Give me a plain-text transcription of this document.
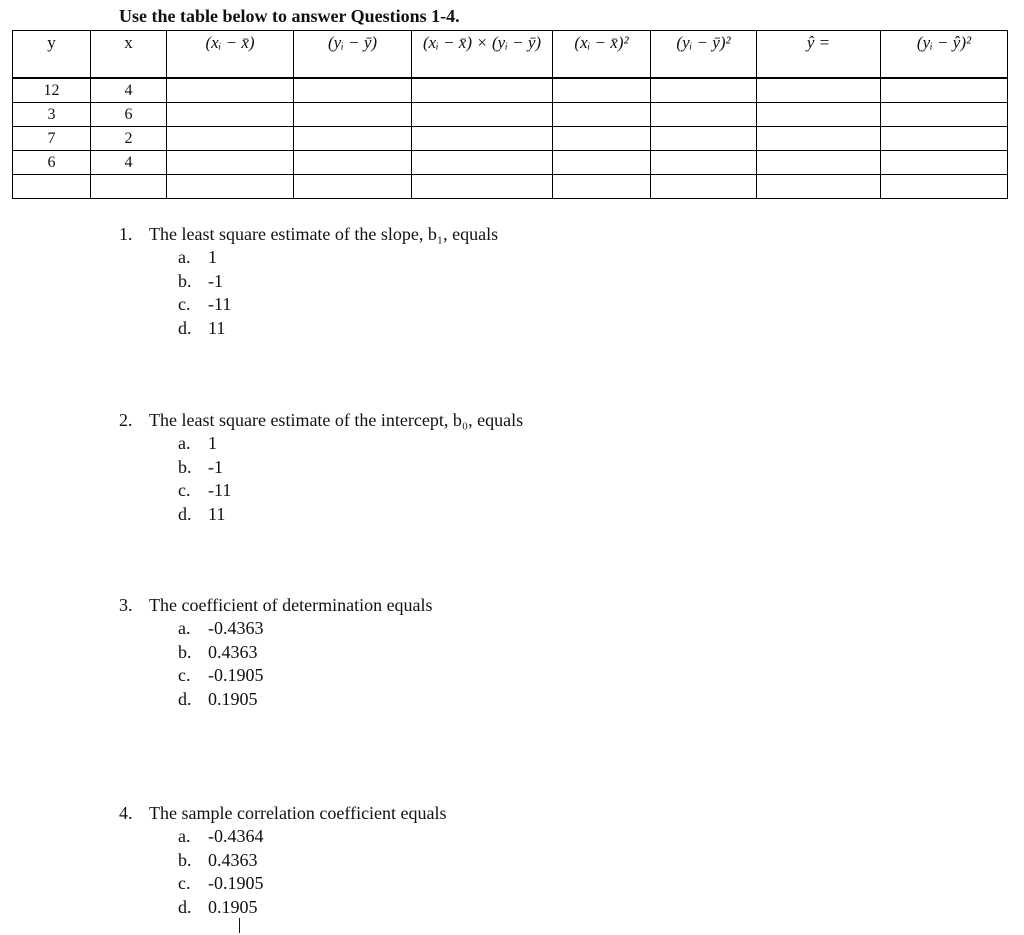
Use the table below to answer Questions 1-4.
y	x	(xᵢ − x̄)	(yᵢ − ȳ)	(xᵢ − x̄) × (yᵢ − ȳ)	(xᵢ − x̄)²	(yᵢ − ȳ)²	ŷ =	(yᵢ − ŷ)²
12	4							
3	6							
7	2							
6	4							

1. The least square estimate of the slope, b₁, equals
a. 1
b. -1
c. -11
d. 11
2. The least square estimate of the intercept, b₀, equals
a. 1
b. -1
c. -11
d. 11
3. The coefficient of determination equals
a. -0.4363
b. 0.4363
c. -0.1905
d. 0.1905
4. The sample correlation coefficient equals
a. -0.4364
b. 0.4363
c. -0.1905
d. 0.1905
